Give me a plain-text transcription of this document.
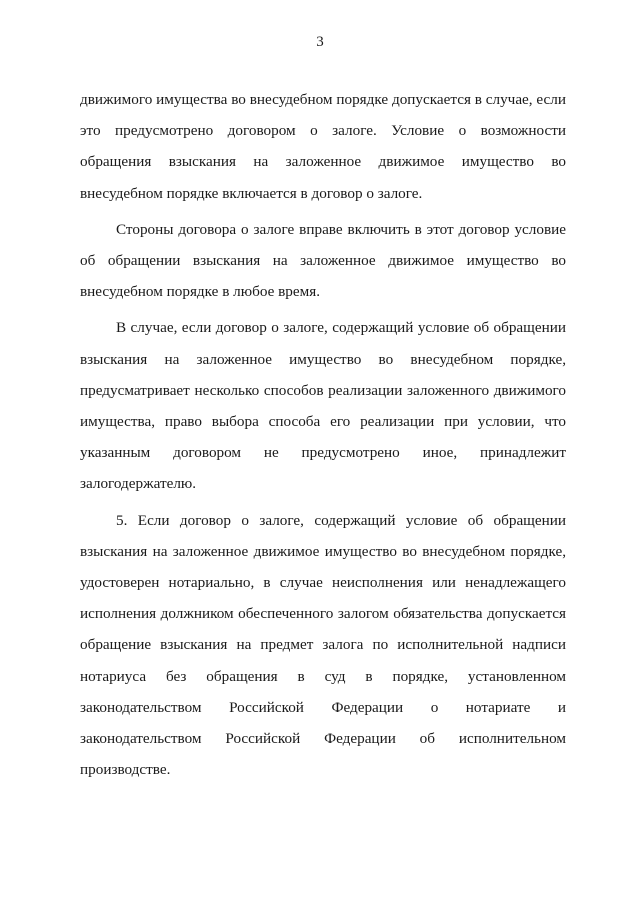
3

движимого имущества во внесудебном порядке допускается в случае, если это предусмотрено договором о залоге. Условие о возможности обращения взыскания на заложенное движимое имущество во внесудебном порядке включается в договор о залоге.

Стороны договора о залоге вправе включить в этот договор условие об обращении взыскания на заложенное движимое имущество во внесудебном порядке в любое время.

В случае, если договор о залоге, содержащий условие об обращении взыскания на заложенное имущество во внесудебном порядке, предусматривает несколько способов реализации заложенного движимого имущества, право выбора способа его реализации при условии, что указанным договором не предусмотрено иное, принадлежит залогодержателю.

5. Если договор о залоге, содержащий условие об обращении взыскания на заложенное движимое имущество во внесудебном порядке, удостоверен нотариально, в случае неисполнения или ненадлежащего исполнения должником обеспеченного залогом обязательства допускается обращение взыскания на предмет залога по исполнительной надписи нотариуса без обращения в суд в порядке, установленном законодательством Российской Федерации о нотариате и законодательством Российской Федерации об исполнительном производстве.
